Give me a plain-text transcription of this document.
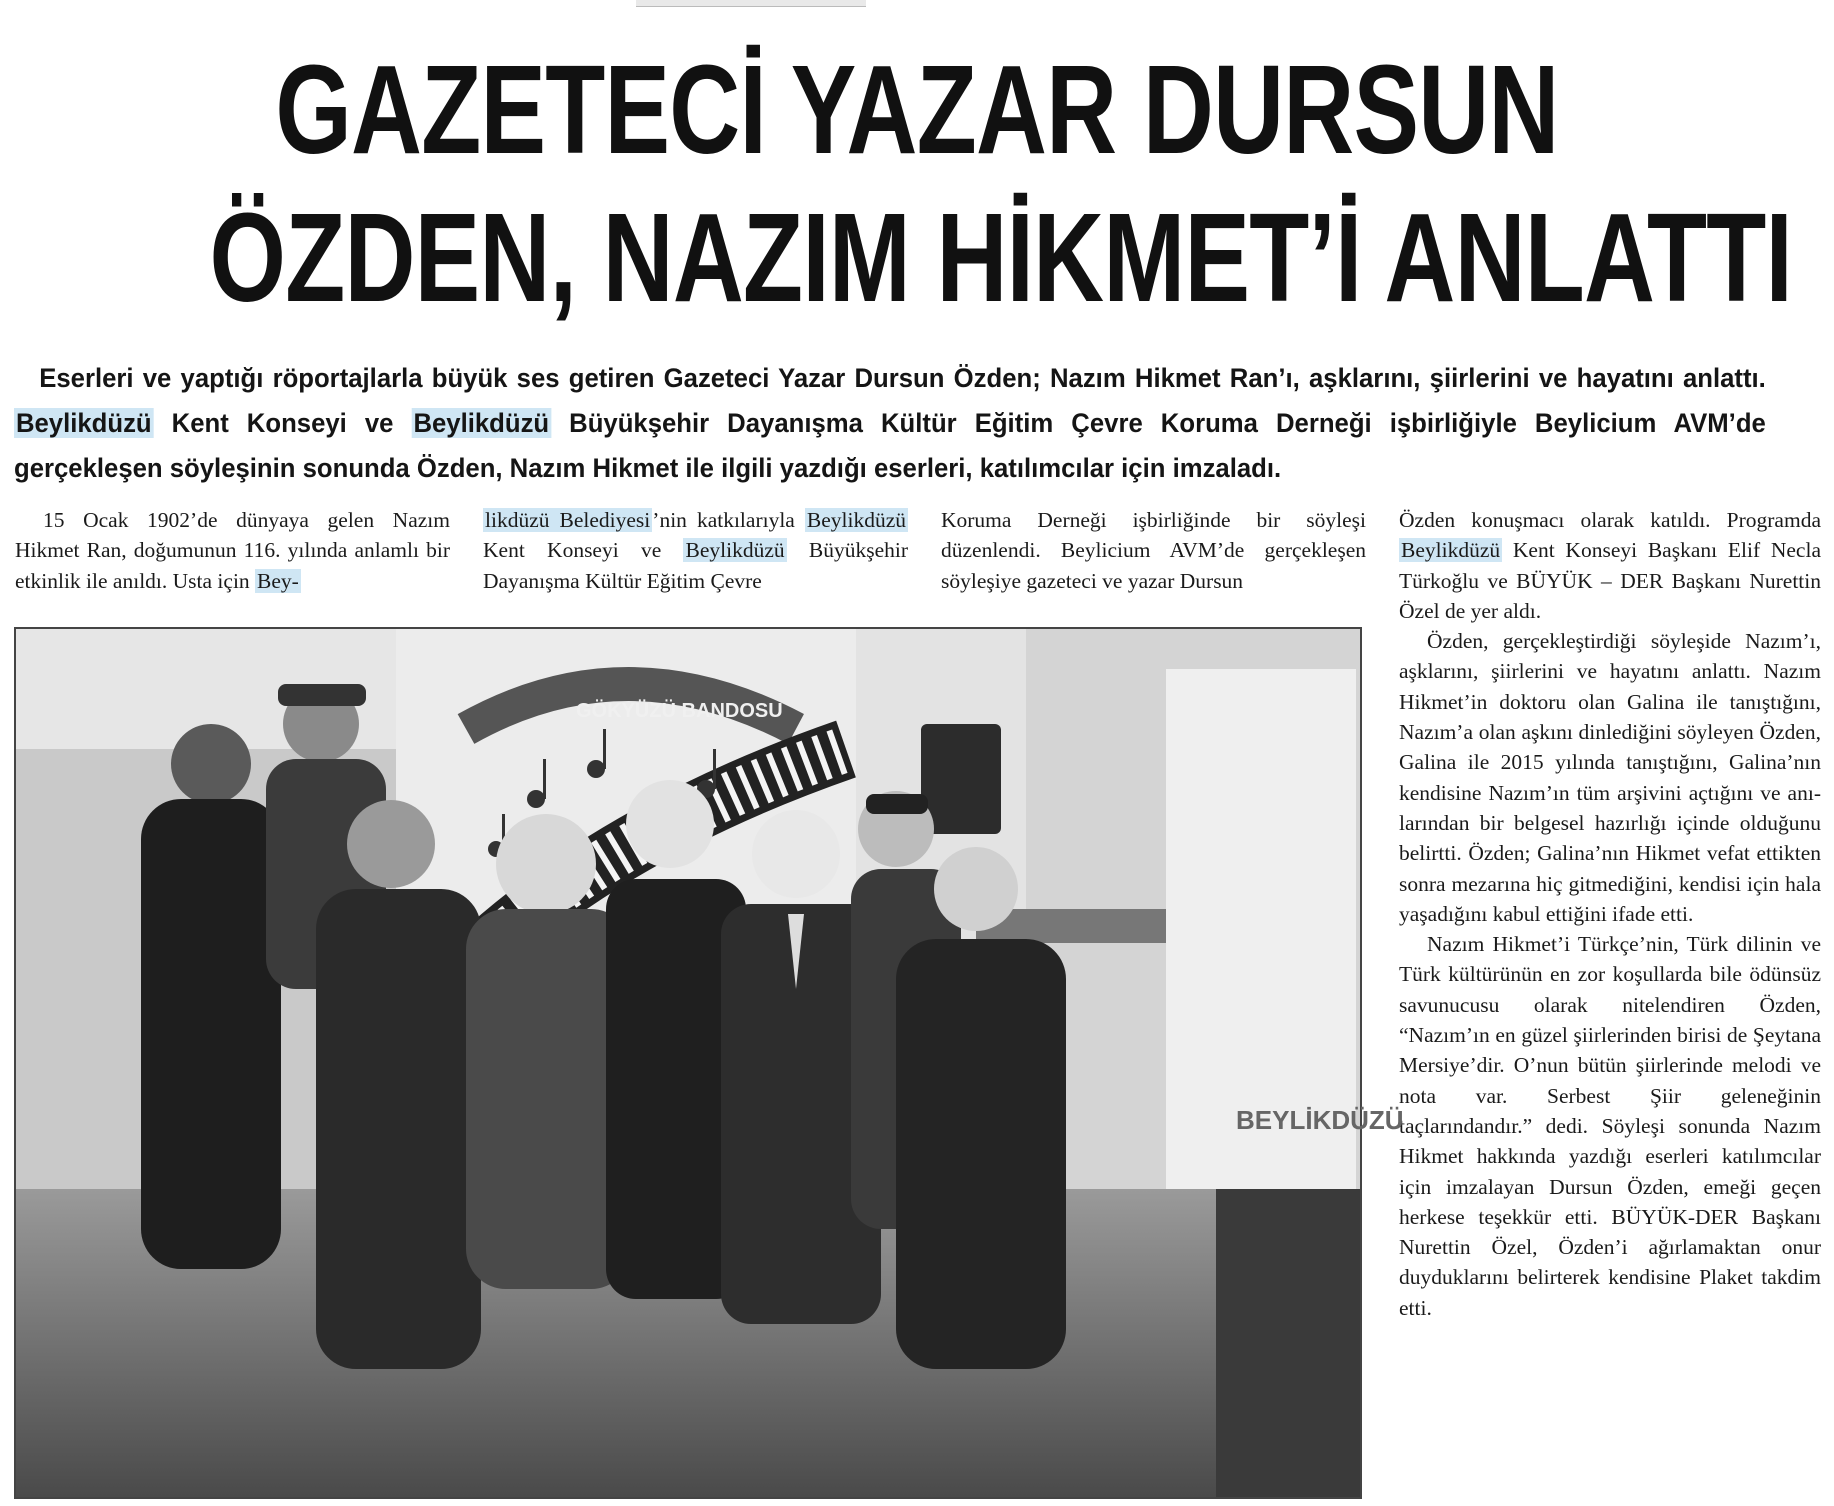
GAZETECİ YAZAR DURSUN
ÖZDEN, NAZIM HİKMET’İ ANLATTI
Eserleri ve yaptığı röportajlarla büyük ses getiren Gazeteci Yazar Dursun Özden; Nazım Hikmet Ran’ı, aşklarını, şiirlerini ve hayatını anlattı. Beylikdüzü Kent Konseyi ve Beylikdüzü Büyükşehir Dayanışma Kültür Eğitim Çevre Koruma Derneği işbirliğiyle Beylicium AVM’de gerçekleşen söyleşinin sonunda Özden, Nazım Hikmet ile ilgili yazdığı eserleri, katılımcılar için imzaladı.

15 Ocak 1902’de dünyaya gelen Nazım Hikmet Ran, doğumunun 116. yılında anlamlı bir etkinlik ile anıldı. Usta için Bey-

likdüzü Belediyesi’nin katkılarıyla Beylikdüzü Kent Konseyi ve Beylikdüzü Büyükşehir Dayanışma Kültür Eğitim Çevre

Koruma Derneği işbirliğinde bir söyleşi düzenlendi. Beylicium AVM’de gerçekleşen söyleşiye gazeteci ve yazar Dursun

Özden konuşmacı olarak katıldı. Programda Beylikdüzü Kent Konseyi Başkanı Elif Necla Türkoğlu ve BÜYÜK – DER Başkanı Nurettin Özel de yer aldı.

Özden, gerçekleştirdiği söyleşide Nazım’ı, aşklarını, şiirlerini ve hayatını anlattı. Nazım Hikmet’in doktoru olan Galina ile tanıştığını, Nazım’a olan aşkını dinlediğini söyleyen Özden, Galina ile 2015 yılında tanıştığını, Galina’nın kendisine Nazım’ın tüm arşivini açtığını ve anılarından bir belgesel hazırlığı içinde olduğunu belirtti. Özden; Galina’nın Hikmet vefat ettikten sonra mezarına hiç gitmediğini, kendisi için hala yaşadığını kabul ettiğini ifade etti.

Nazım Hikmet’i Türkçe’nin, Türk dilinin ve Türk kültürünün en zor koşullarda bile ödünsüz savunucusu olarak nitelendiren Özden, “Nazım’ın en güzel şiirlerinden birisi de Şeytana Mersiye’dir. O’nun bütün şiirlerinde melodi ve nota var. Serbest Şiir geleneğinin taçlarındandır.” dedi. Söyleşi sonunda Nazım Hikmet hakkında yazdığı eserleri katılımcılar için imzalayan Dursun Özden, emeği geçen herkese teşekkür etti. BÜYÜK-DER Başkanı Nurettin Özel, Özden’i ağırlamaktan onur duyduklarını belirterek kendisine Plaket takdim etti.

GÖKYÜZÜ BANDOSU
BEYLİKDÜZÜ
